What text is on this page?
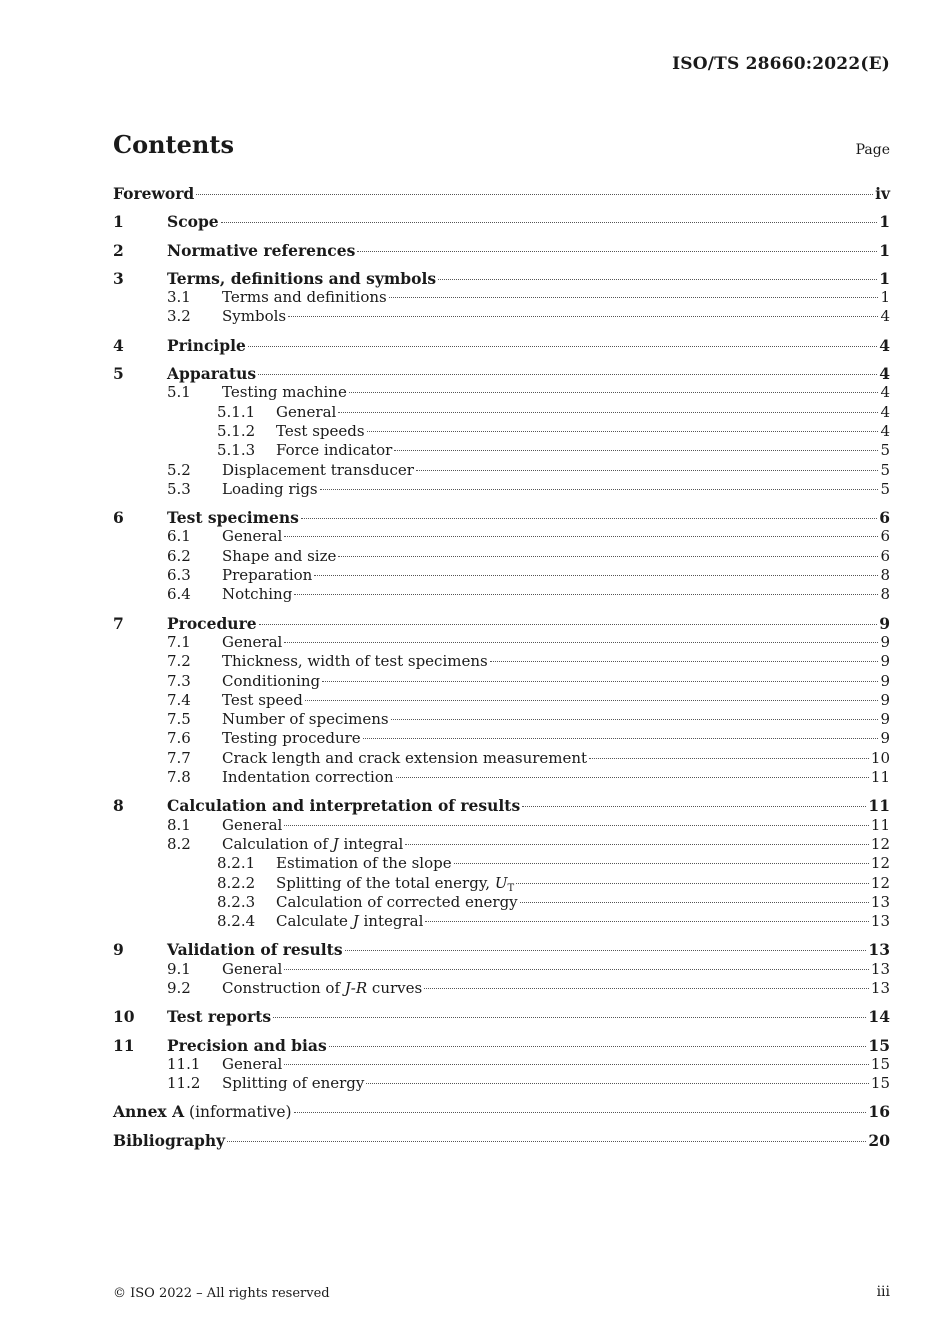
ISO/TS 28660:2022(E)
Contents	Page
Foreword	iv
1	Scope	1
2	Normative references	1
3	Terms, definitions and symbols	1
3.1	Terms and definitions	1
3.2	Symbols	4
4	Principle	4
5	Apparatus	4
5.1	Testing machine	4
5.1.1	General	4
5.1.2	Test speeds	4
5.1.3	Force indicator	5
5.2	Displacement transducer	5
5.3	Loading rigs	5
6	Test specimens	6
6.1	General	6
6.2	Shape and size	6
6.3	Preparation	8
6.4	Notching	8
7	Procedure	9
7.1	General	9
7.2	Thickness, width of test specimens	9
7.3	Conditioning	9
7.4	Test speed	9
7.5	Number of specimens	9
7.6	Testing procedure	9
7.7	Crack length and crack extension measurement	10
7.8	Indentation correction	11
8	Calculation and interpretation of results	11
8.1	General	11
8.2	Calculation of J integral	12
8.2.1	Estimation of the slope	12
8.2.2	Splitting of the total energy, $U_T$	12
8.2.3	Calculation of corrected energy	13
8.2.4	Calculate J integral	13
9	Validation of results	13
9.1	General	13
9.2	Construction of J-R curves	13
10	Test reports	14
11	Precision and bias	15
11.1	General	15
11.2	Splitting of energy	15
Annex A (informative)	16
Bibliography	20
© ISO 2022 – All rights reserved	iii
